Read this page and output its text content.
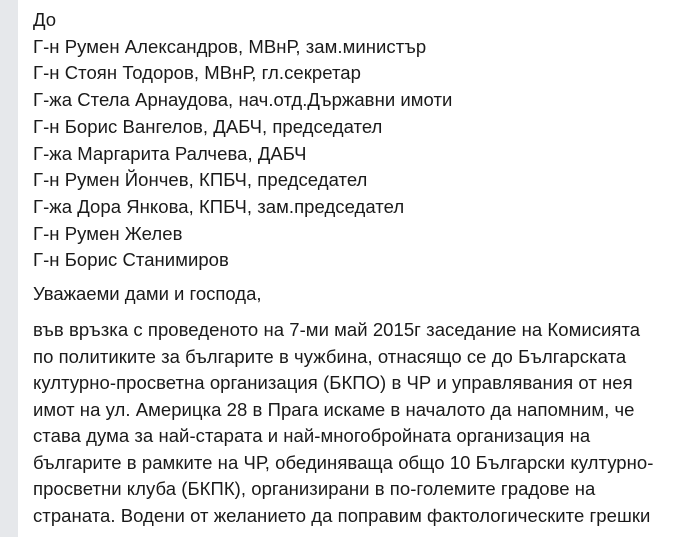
До
Г-н Румен Александров, МВнР, зам.министър
Г-н Стоян Тодоров, МВнР, гл.секретар
Г-жа Стела Арнаудова, нач.отд.Държавни имоти
Г-н Борис Вангелов, ДАБЧ, председател
Г-жа Маргарита Ралчева, ДАБЧ
Г-н Румен Йончев, КПБЧ, председател
Г-жа Дора Янкова, КПБЧ, зам.председател
Г-н Румен Желев
Г-н Борис Станимиров
Уважаеми дами и господа,
във връзка с проведеното на 7-ми май 2015г заседание на Комисията
по политиките за българите в чужбина, отнасящо се до Българската
културно-просветна организация (БКПО) в ЧР и управлявания от нея
имот на ул. Америцка 28 в Прага искаме в началото да напомним, че
става дума за най-старата и най-многобройната организация на
българите в рамките на ЧР, обединяваща общо 10 Български културно-
просветни клуба (БКПК), организирани в по-големите градове на
страната. Водени от желанието да поправим фактологическите грешки
